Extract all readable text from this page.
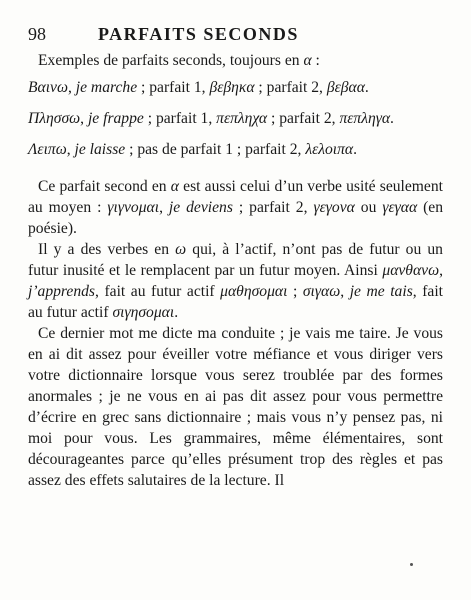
98	PARFAITS SECONDS

Exemples de parfaits seconds, toujours en α :

Βαινω, je marche ; parfait 1, βεβηκα ; parfait 2, βεβαα.

Πλησσω, je frappe ; parfait 1, πεπληχα ; parfait 2, πεπληγα.

Λειπω, je laisse ; pas de parfait 1 ; parfait 2, λελοιπα.

Ce parfait second en α est aussi celui d’un verbe usité seulement au moyen : γιγνομαι, je deviens ; parfait 2, γεγονα ou γεγαα (en poésie).

Il y a des verbes en ω qui, à l’actif, n’ont pas de futur ou un futur inusité et le remplacent par un futur moyen. Ainsi μανθανω, j’apprends, fait au futur actif μαθησομαι ; σιγαω, je me tais, fait au futur actif σιγησομαι.

Ce dernier mot me dicte ma conduite ; je vais me taire. Je vous en ai dit assez pour éveiller votre méfiance et vous diriger vers votre dictionnaire lorsque vous serez troublée par des formes anormales ; je ne vous en ai pas dit assez pour vous permettre d’écrire en grec sans dictionnaire ; mais vous n’y pensez pas, ni moi pour vous. Les grammaires, même élémentaires, sont décourageantes parce qu’elles présument trop des règles et pas assez des effets salutaires de la lecture. Il
